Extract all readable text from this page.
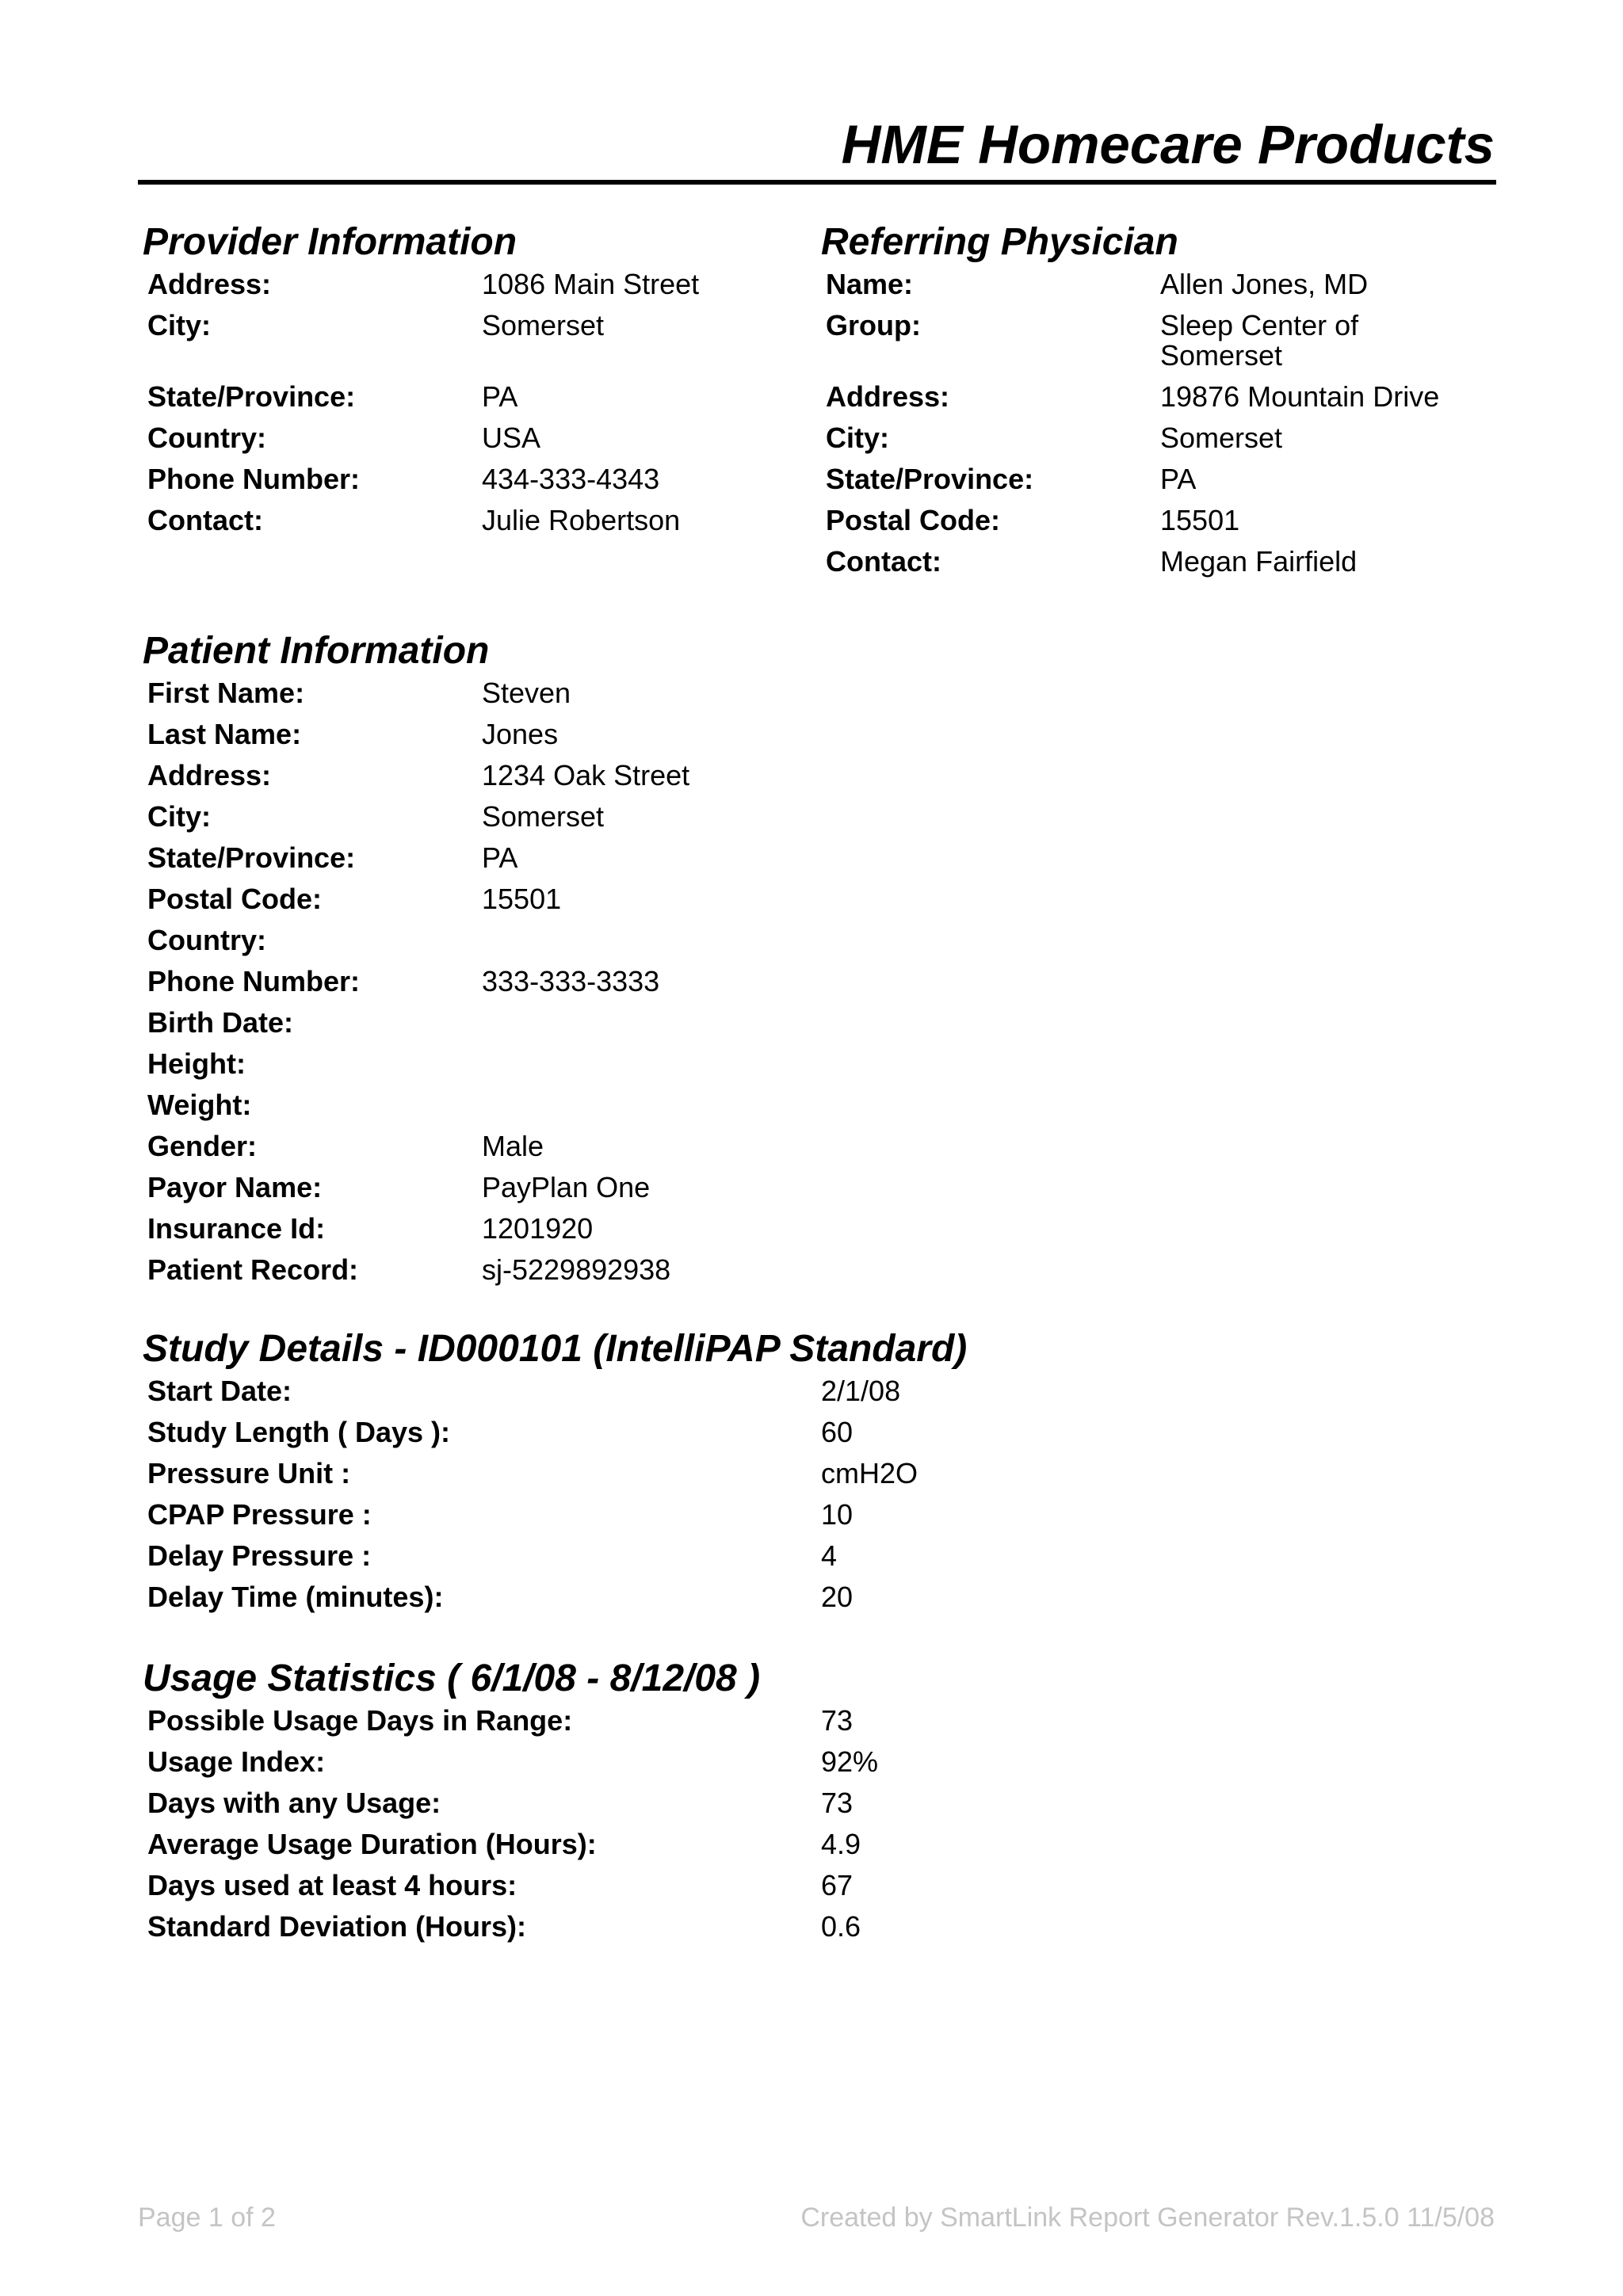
HME Homecare Products
Provider Information
Address:	1086 Main Street
City:	Somerset
State/Province:	PA
Country:	USA
Phone Number:	434-333-4343
Contact:	Julie Robertson
Referring Physician
Name:	Allen Jones, MD
Group:	Sleep Center of Somerset
Address:	19876 Mountain Drive
City:	Somerset
State/Province:	PA
Postal Code:	15501
Contact:	Megan Fairfield
Patient Information
First Name:	Steven
Last Name:	Jones
Address:	1234 Oak Street
City:	Somerset
State/Province:	PA
Postal Code:	15501
Country:
Phone Number:	333-333-3333
Birth Date:
Height:
Weight:
Gender:	Male
Payor Name:	PayPlan One
Insurance Id:	1201920
Patient Record:	sj-5229892938
Study Details - ID000101 (IntelliPAP Standard)
Start Date:	2/1/08
Study Length ( Days ):	60
Pressure Unit :	cmH2O
CPAP Pressure :	10
Delay Pressure :	4
Delay Time (minutes):	20
Usage Statistics ( 6/1/08 - 8/12/08 )
Possible Usage Days in Range:	73
Usage Index:	92%
Days with any Usage:	73
Average Usage Duration (Hours):	4.9
Days used at least 4 hours:	67
Standard Deviation (Hours):	0.6
Page 1 of 2	Created by SmartLink Report Generator Rev.1.5.0 11/5/08
